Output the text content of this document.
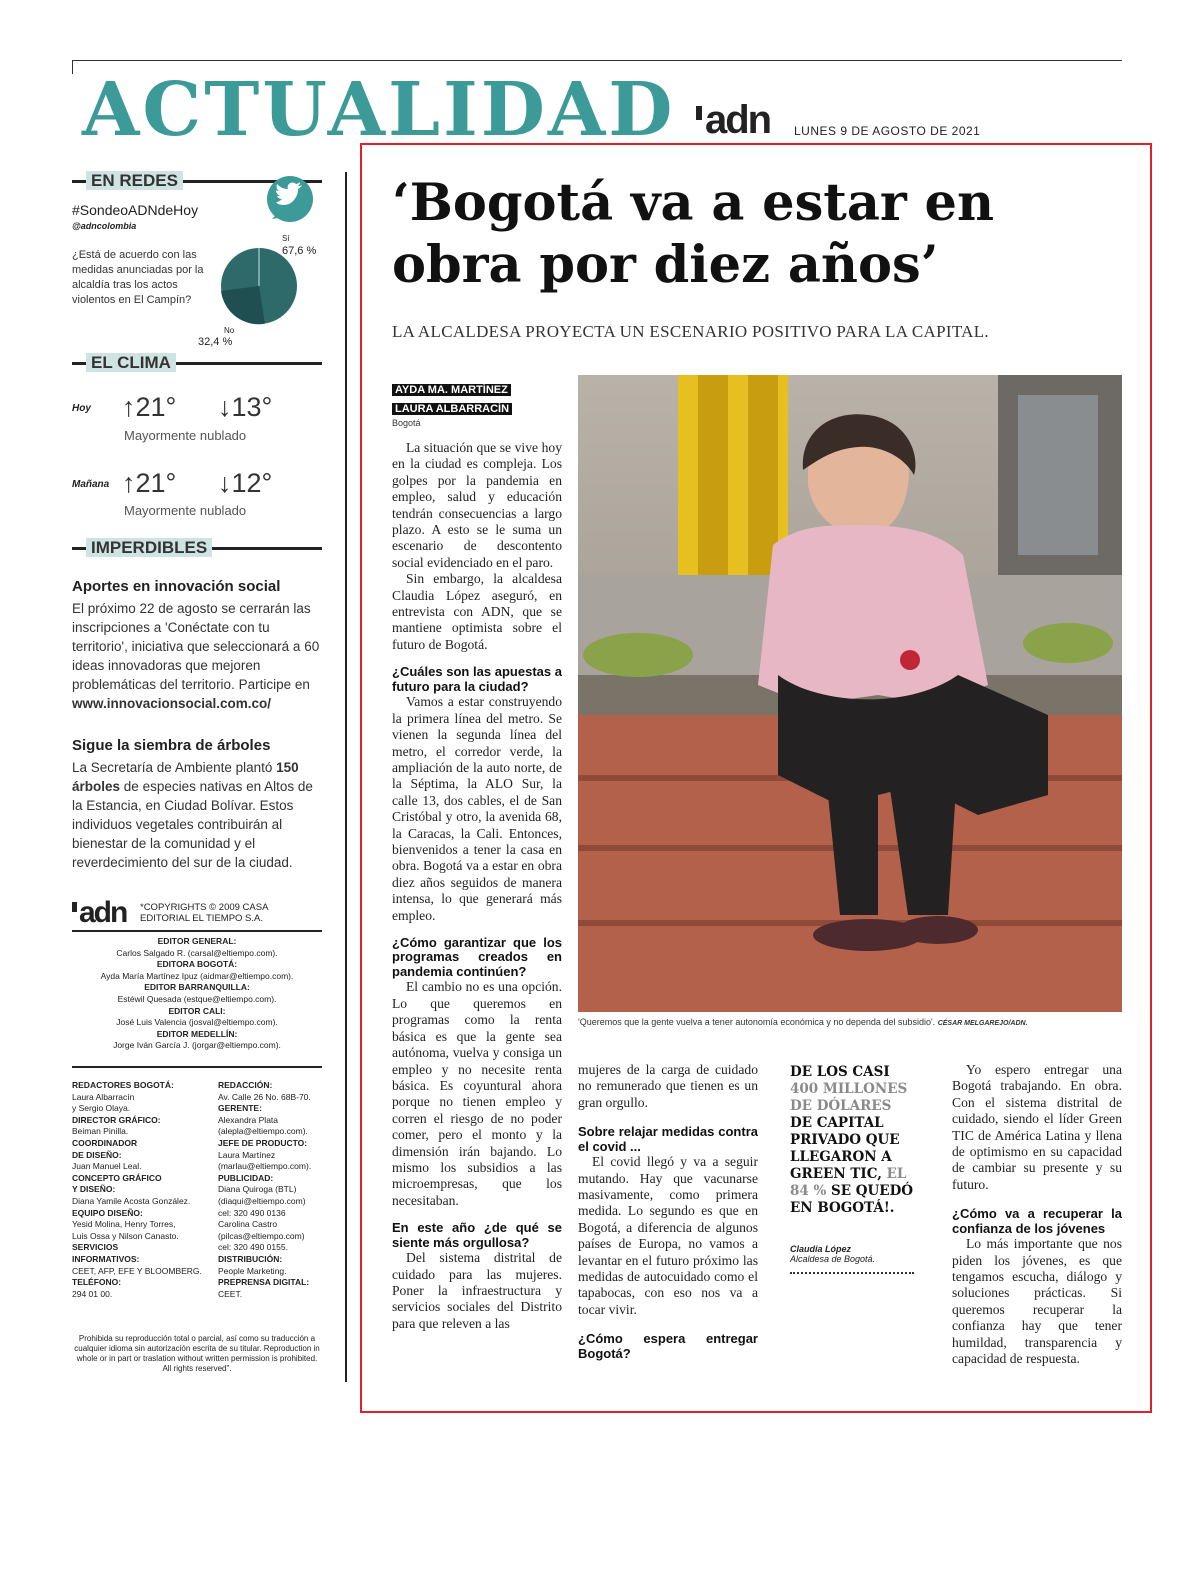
ACTUALIDAD adn LUNES 9 DE AGOSTO DE 2021
EN REDES
#SondeoADNdeHoy
@adncolombia
¿Está de acuerdo con las medidas anunciadas por la alcaldía tras los actos violentos en El Campín?
Sí
67,6 %
No
32,4 %
EL CLIMA
Hoy ↑21° ↓13°
Mayormente nublado
Mañana ↑21° ↓12°
Mayormente nublado
IMPERDIBLES
Aportes en innovación social
El próximo 22 de agosto se cerrarán las inscripciones a 'Conéctate con tu territorio', iniciativa que seleccionará a 60 ideas innovadoras que mejoren problemáticas del territorio. Participe en www.innovacionsocial.com.co/
Sigue la siembra de árboles
La Secretaría de Ambiente plantó 150 árboles de especies nativas en Altos de la Estancia, en Ciudad Bolívar. Estos individuos vegetales contribuirán al bienestar de la comunidad y el reverdecimiento del sur de la ciudad.
adn *COPYRIGHTS © 2009 CASA
EDITORIAL EL TIEMPO S.A.
EDITOR GENERAL:
Carlos Salgado R. (carsal@eltiempo.com).
EDITORA BOGOTÁ:
Ayda María Martínez Ipuz (aidmar@eltiempo.com).
EDITOR BARRANQUILLA:
Estéwil Quesada (estque@eltiempo.com).
EDITOR CALI:
José Luis Valencia (josval@eltiempo.com).
EDITOR MEDELLÍN:
Jorge Iván García J. (jorgar@eltiempo.com).
REDACTORES BOGOTÁ:
Laura Albarracín
y Sergio Olaya.
DIRECTOR GRÁFICO:
Beiman Pinilla.
COORDINADOR
DE DISEÑO:
Juan Manuel Leal.
CONCEPTO GRÁFICO
Y DISEÑO:
Diana Yamile Acosta González.
EQUIPO DISEÑO:
Yesid Molina, Henry Torres,
Luis Ossa y Nilson Canasto.
SERVICIOS
INFORMATIVOS:
CEET, AFP, EFE Y BLOOMBERG.
TELÉFONO:
294 01 00.
REDACCIÓN:
Av. Calle 26 No. 68B-70.
GERENTE:
Alexandra Plata
(alepla@eltiempo.com).
JEFE DE PRODUCTO:
Laura Martínez
(marlau@eltiempo.com).
PUBLICIDAD:
Diana Quiroga (BTL)
(diaqui@eltiempo.com)
cel: 320 490 0136
Carolina Castro
(pilcas@eltiempo.com)
cel: 320 490 0155.
DISTRIBUCIÓN:
People Marketing.
PREPRENSA DIGITAL:
CEET.
Prohibida su reproducción total o parcial, así como su traducción a cualquier idioma sin autorización escrita de su titular. Reproduction in whole or in part or traslation without written permission is prohibited. All rights reserved".
‘Bogotá va a estar en obra por diez años’
LA ALCALDESA PROYECTA UN ESCENARIO POSITIVO PARA LA CAPITAL.
AYDA MA. MARTÍNEZ
LAURA ALBARRACÍN
Bogotá

La situación que se vive hoy en la ciudad es compleja. Los golpes por la pandemia en empleo, salud y educación tendrán consecuencias a largo plazo. A esto se le suma un escenario de descontento social evidenciado en el paro.

Sin embargo, la alcaldesa Claudia López aseguró, en entrevista con ADN, que se mantiene optimista sobre el futuro de Bogotá.

¿Cuáles son las apuestas a futuro para la ciudad?

Vamos a estar construyendo la primera línea del metro. Se vienen la segunda línea del metro, el corredor verde, la ampliación de la auto norte, de la Séptima, la ALO Sur, la calle 13, dos cables, el de San Cristóbal y otro, la avenida 68, la Caracas, la Cali. Entonces, bienvenidos a tener la casa en obra. Bogotá va a estar en obra diez años seguidos de manera intensa, lo que generará más empleo.

¿Cómo garantizar que los programas creados en pandemia continúen?

El cambio no es una opción. Lo que queremos en programas como la renta básica es que la gente sea autónoma, vuelva y consiga un empleo y no necesite renta básica. Es coyuntural ahora porque no tienen empleo y corren el riesgo de no poder comer, pero el monto y la dimensión irán bajando. Lo mismo los subsidios a las microempresas, que los necesitaban.

En este año ¿de qué se siente más orgullosa?

Del sistema distrital de cuidado para las mujeres. Poner la infraestructura y servicios sociales del Distrito para que releven a las

'Queremos que la gente vuelva a tener autonomía económica y no dependa del subsidio'. CÉSAR MELGAREJO/ADN.

mujeres de la carga de cuidado no remunerado que tienen es un gran orgullo.

Sobre relajar medidas contra el covid ...

El covid llegó y va a seguir mutando. Hay que vacunarse masivamente, como primera medida. Lo segundo es que en Bogotá, a diferencia de algunos países de Europa, no vamos a levantar en el futuro próximo las medidas de autocuidado como el tapabocas, con eso nos va a tocar vivir.

¿Cómo espera entregar Bogotá?
DE LOS CASI 400 MILLONES DE DÓLARES DE CAPITAL PRIVADO QUE LLEGARON A GREEN TIC, EL 84 % SE QUEDÓ EN BOGOTÁ!.
Claudia López
Alcaldesa de Bogotá.

Yo espero entregar una Bogotá trabajando. En obra. Con el sistema distrital de cuidado, siendo el líder Green TIC de América Latina y llena de optimismo en su capacidad de cambiar su presente y su futuro.

¿Cómo va a recuperar la confianza de los jóvenes

Lo más importante que nos piden los jóvenes, es que tengamos escucha, diálogo y soluciones prácticas. Si queremos recuperar la confianza hay que tener humildad, transparencia y capacidad de respuesta.
